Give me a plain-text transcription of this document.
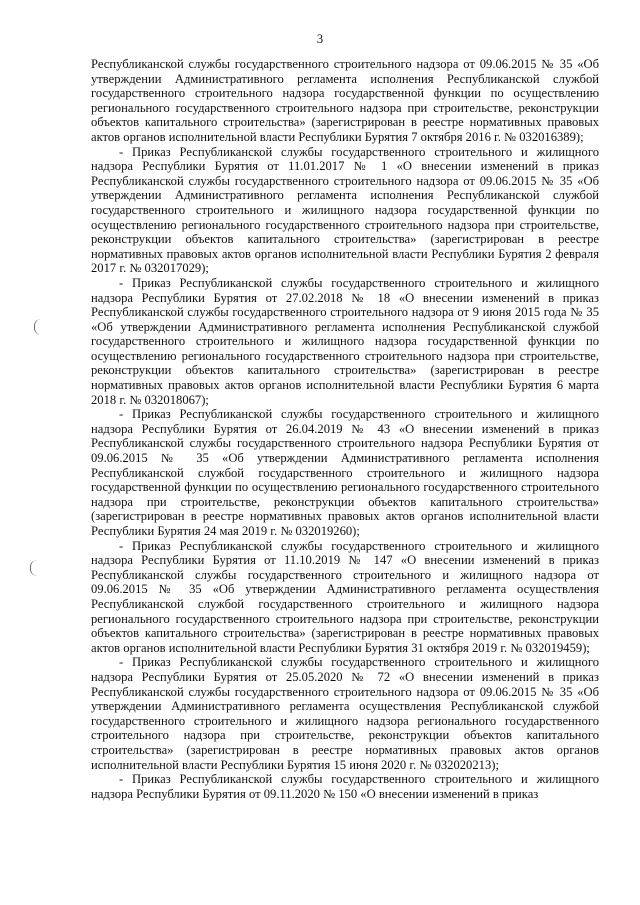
3

Республиканской службы государственного строительного надзора от 09.06.2015 № 35 «Об утверждении Административного регламента исполнения Республиканской службой государственного строительного надзора государственной функции по осуществлению регионального государственного строительного надзора при строительстве, реконструкции объектов капитального строительства» (зарегистрирован в реестре нормативных правовых актов органов исполнительной власти Республики Бурятия 7 октября 2016 г. № 032016389);

- Приказ Республиканской службы государственного строительного и жилищного надзора Республики Бурятия от 11.01.2017 № 1 «О внесении изменений в приказ Республиканской службы государственного строительного надзора от 09.06.2015 № 35 «Об утверждении Административного регламента исполнения Республиканской службой государственного строительного и жилищного надзора государственной функции по осуществлению регионального государственного строительного надзора при строительстве, реконструкции объектов капитального строительства» (зарегистрирован в реестре нормативных правовых актов органов исполнительной власти Республики Бурятия 2 февраля 2017 г. № 032017029);

- Приказ Республиканской службы государственного строительного и жилищного надзора Республики Бурятия от 27.02.2018 № 18 «О внесении изменений в приказ Республиканской службы государственного строительного надзора от 9 июня 2015 года № 35 «Об утверждении Административного регламента исполнения Республиканской службой государственного строительного и жилищного надзора государственной функции по осуществлению регионального государственного строительного надзора при строительстве, реконструкции объектов капитального строительства» (зарегистрирован в реестре нормативных правовых актов органов исполнительной власти Республики Бурятия 6 марта 2018 г. № 032018067);

- Приказ Республиканской службы государственного строительного и жилищного надзора Республики Бурятия от 26.04.2019 № 43 «О внесении изменений в приказ Республиканской службы государственного строительного надзора Республики Бурятия от 09.06.2015 № 35 «Об утверждении Административного регламента исполнения Республиканской службой государственного строительного и жилищного надзора государственной функции по осуществлению регионального государственного строительного надзора при строительстве, реконструкции объектов капитального строительства» (зарегистрирован в реестре нормативных правовых актов органов исполнительной власти Республики Бурятия 24 мая 2019 г. № 032019260);

- Приказ Республиканской службы государственного строительного и жилищного надзора Республики Бурятия от 11.10.2019 № 147 «О внесении изменений в приказ Республиканской службы государственного строительного и жилищного надзора от 09.06.2015 № 35 «Об утверждении Административного регламента осуществления Республиканской службой государственного строительного и жилищного надзора регионального государственного строительного надзора при строительстве, реконструкции объектов капитального строительства» (зарегистрирован в реестре нормативных правовых актов органов исполнительной власти Республики Бурятия 31 октября 2019 г. № 032019459);

- Приказ Республиканской службы государственного строительного и жилищного надзора Республики Бурятия от 25.05.2020 № 72 «О внесении изменений в приказ Республиканской службы государственного строительного надзора от 09.06.2015 № 35 «Об утверждении Административного регламента осуществления Республиканской службой государственного строительного и жилищного надзора регионального государственного строительного надзора при строительстве, реконструкции объектов капитального строительства» (зарегистрирован в реестре нормативных правовых актов органов исполнительной власти Республики Бурятия 15 июня 2020 г. № 032020213);

- Приказ Республиканской службы государственного строительного и жилищного надзора Республики Бурятия от 09.11.2020 № 150 «О внесении изменений в приказ
